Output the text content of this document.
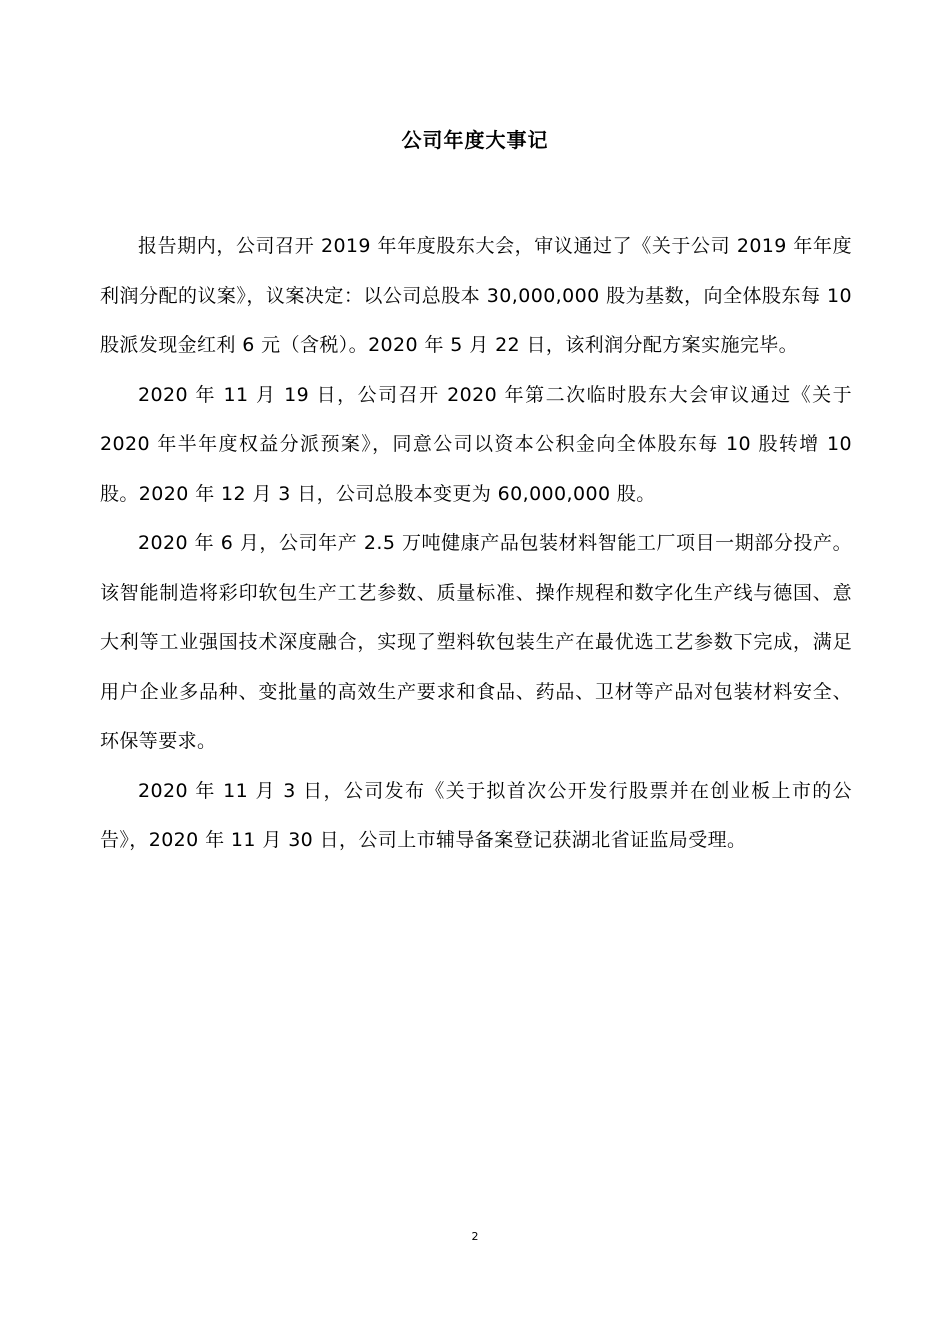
公司年度大事记

报告期内，公司召开 2019 年年度股东大会，审议通过了《关于公司 2019 年年度利润分配的议案》，议案决定：以公司总股本 30,000,000 股为基数，向全体股东每 10 股派发现金红利 6 元（含税）。2020 年 5 月 22 日，该利润分配方案实施完毕。

2020 年 11 月 19 日，公司召开 2020 年第二次临时股东大会审议通过《关于 2020 年半年度权益分派预案》，同意公司以资本公积金向全体股东每 10 股转增 10 股。2020 年 12 月 3 日，公司总股本变更为 60,000,000 股。

2020 年 6 月，公司年产 2.5 万吨健康产品包装材料智能工厂项目一期部分投产。该智能制造将彩印软包生产工艺参数、质量标准、操作规程和数字化生产线与德国、意大利等工业强国技术深度融合，实现了塑料软包装生产在最优选工艺参数下完成，满足用户企业多品种、变批量的高效生产要求和食品、药品、卫材等产品对包装材料安全、环保等要求。

2020 年 11 月 3 日，公司发布《关于拟首次公开发行股票并在创业板上市的公告》，2020 年 11 月 30 日，公司上市辅导备案登记获湖北省证监局受理。

2
